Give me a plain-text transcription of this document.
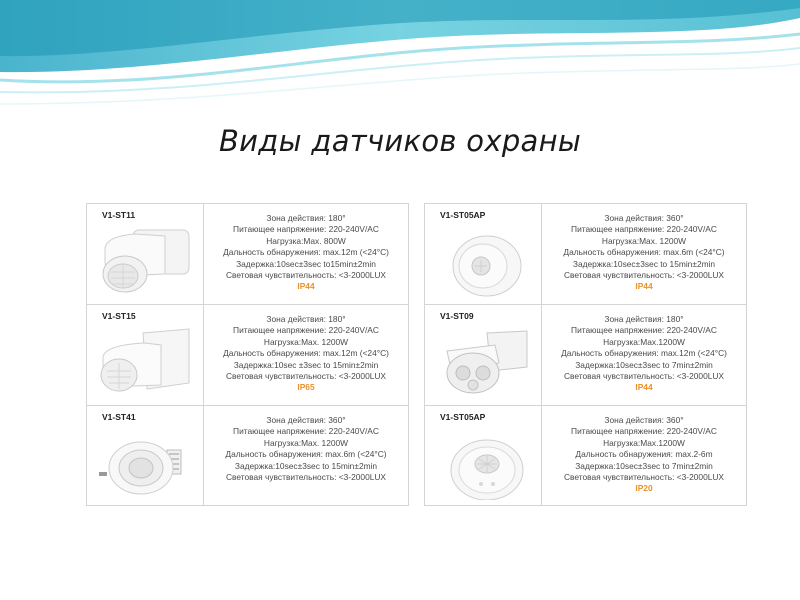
Виды датчиков охраны
V1-ST11	Зона действия: 180°
Питающее напряжение: 220-240V/AC
Нагрузка:Max. 800W
Дальность обнаружения: max.12m (<24°C)
Задержка:10sec±3sec to15min±2min
Световая чувствительность: <3-2000LUX
IP44
V1-ST15	Зона действия: 180°
Питающее напряжение: 220-240V/AC
Нагрузка:Max. 1200W
Дальность обнаружения: max.12m (<24°C)
Задержка:10sec ±3sec to 15min±2min
Световая чувствительность: <3-2000LUX
IP65
V1-ST41	Зона действия: 360°
Питающее напряжение: 220-240V/AC
Нагрузка:Max. 1200W
Дальность обнаружения: max.6m (<24°C)
Задержка:10sec±3sec to 15min±2min
Световая чувствительность: <3-2000LUX
V1-ST05AP	Зона действия: 360°
Питающее напряжение: 220-240V/AC
Нагрузка:Max. 1200W
Дальность обнаружения: max.6m (<24°C)
Задержка:10sec±3sec to 15min±2min
Световая чувствительность: <3-2000LUX
IP44
V1-ST09	Зона действия: 180°
Питающее напряжение: 220-240V/AC
Нагрузка:Max.1200W
Дальность обнаружения: max.12m (<24°C)
Задержка:10sec±3sec to 7min±2min
Световая чувствительность: <3-2000LUX
IP44
V1-ST05AP	Зона действия: 360°
Питающее напряжение: 220-240V/AC
Нагрузка:Max.1200W
Дальность обнаружения: max.2-6m
Задержка:10sec±3sec to 7min±2min
Световая чувствительность: <3-2000LUX
IP20
